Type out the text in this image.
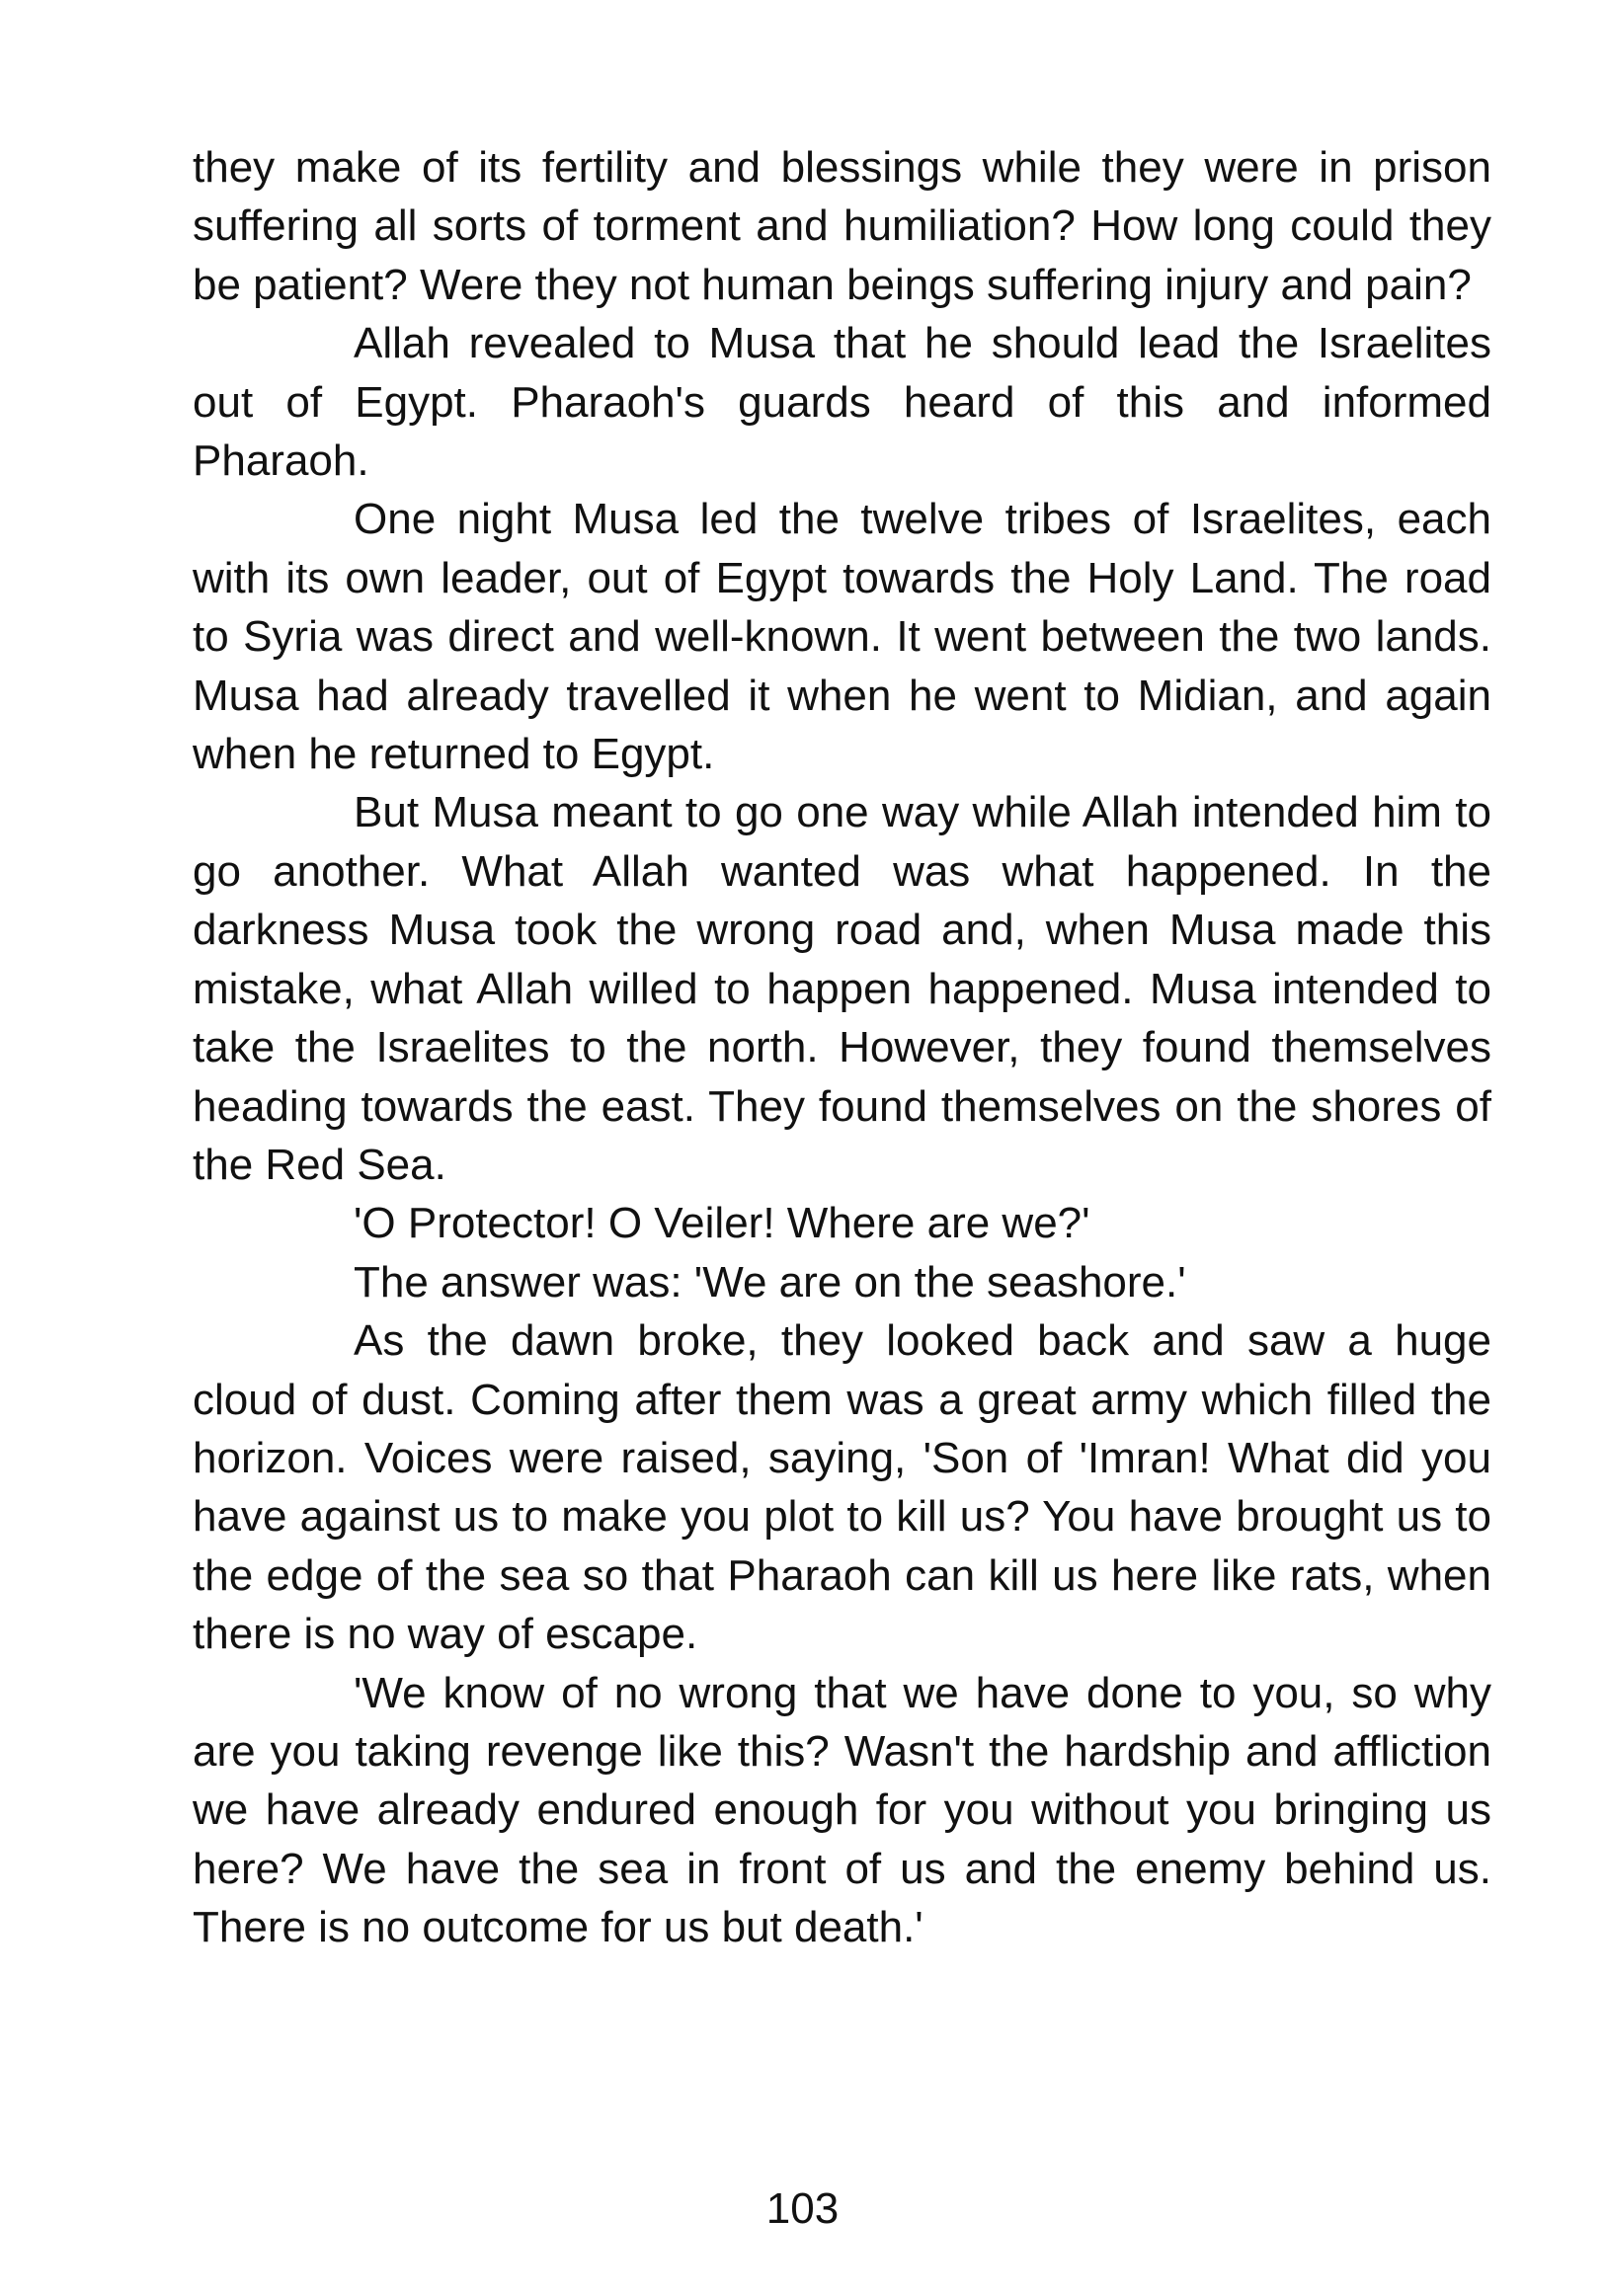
they make of its fertility and blessings while they were in prison suffering all sorts of torment and humiliation? How long could they be patient? Were they not human beings suffering injury and pain?

Allah revealed to Musa that he should lead the Israelites out of Egypt. Pharaoh's guards heard of this and informed Pharaoh.

One night Musa led the twelve tribes of Israelites, each with its own leader, out of Egypt towards the Holy Land. The road to Syria was direct and well-known. It went between the two lands. Musa had already travelled it when he went to Midian, and again when he returned to Egypt.

But Musa meant to go one way while Allah intended him to go another. What Allah wanted was what happened. In the darkness Musa took the wrong road and, when Musa made this mistake, what Allah willed to happen happened. Musa intended to take the Israelites to the north. However, they found themselves heading towards the east. They found themselves on the shores of the Red Sea.

'O Protector! O Veiler! Where are we?'

The answer was: 'We are on the seashore.'

As the dawn broke, they looked back and saw a huge cloud of dust. Coming after them was a great army which filled the horizon. Voices were raised, saying, 'Son of 'Imran! What did you have against us to make you plot to kill us? You have brought us to the edge of the sea so that Pharaoh can kill us here like rats, when there is no way of escape.

'We know of no wrong that we have done to you, so why are you taking revenge like this? Wasn't the hardship and affliction we have already endured enough for you without you bringing us here? We have the sea in front of us and the enemy behind us. There is no outcome for us but death.'

103
